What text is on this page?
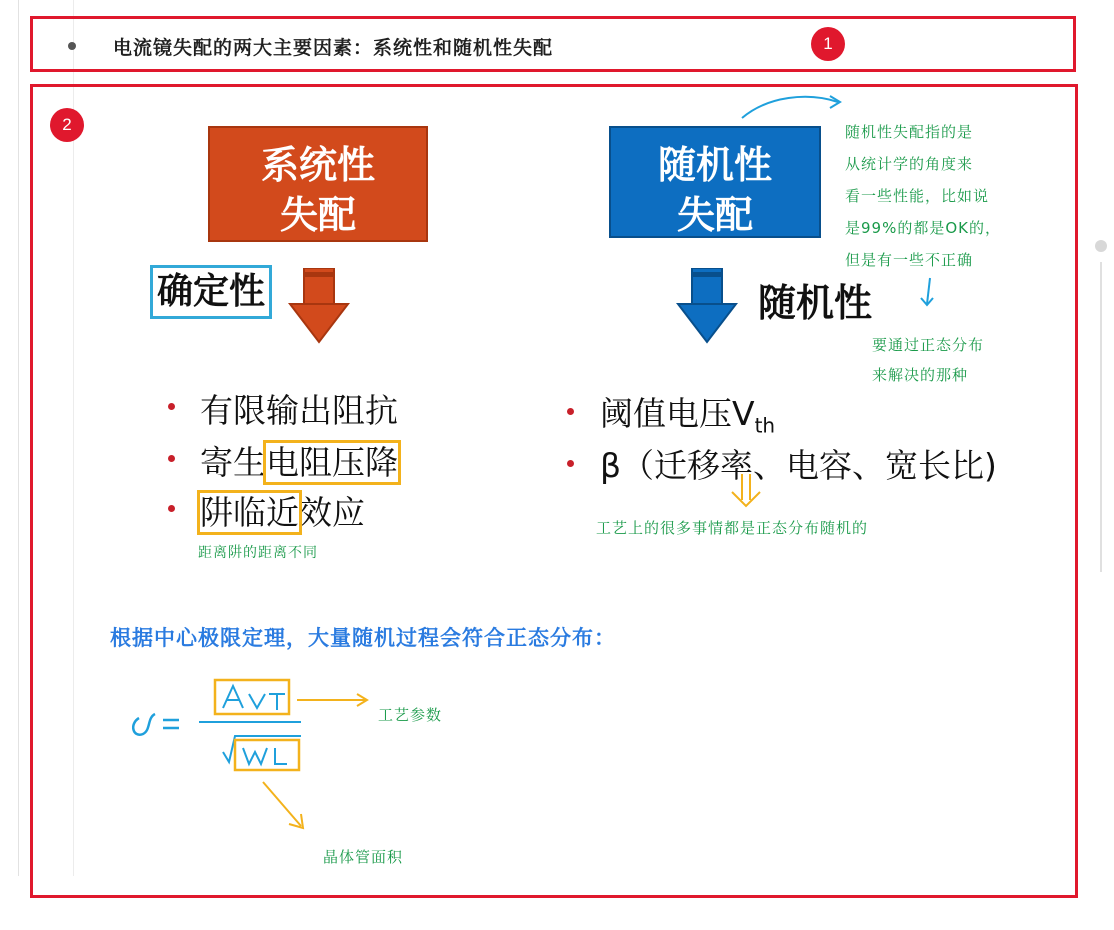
电流镜失配的两大主要因素：系统性和随机性失配	1
2
系统性
失配
随机性
失配
确定性	随机性
有限输出阻抗
寄生电阻压降
阱临近效应
距离阱的距离不同
阈值电压$V_{th}$
β（迁移率、电容、宽长比)
随机性失配指的是
从统计学的角度来
看一些性能，比如说
是99%的都是OK的，
但是有一些不正确
要通过正态分布
来解决的那种
工艺上的很多事情都是正态分布随机的
根据中心极限定理，大量随机过程会符合正态分布：
工艺参数
晶体管面积
